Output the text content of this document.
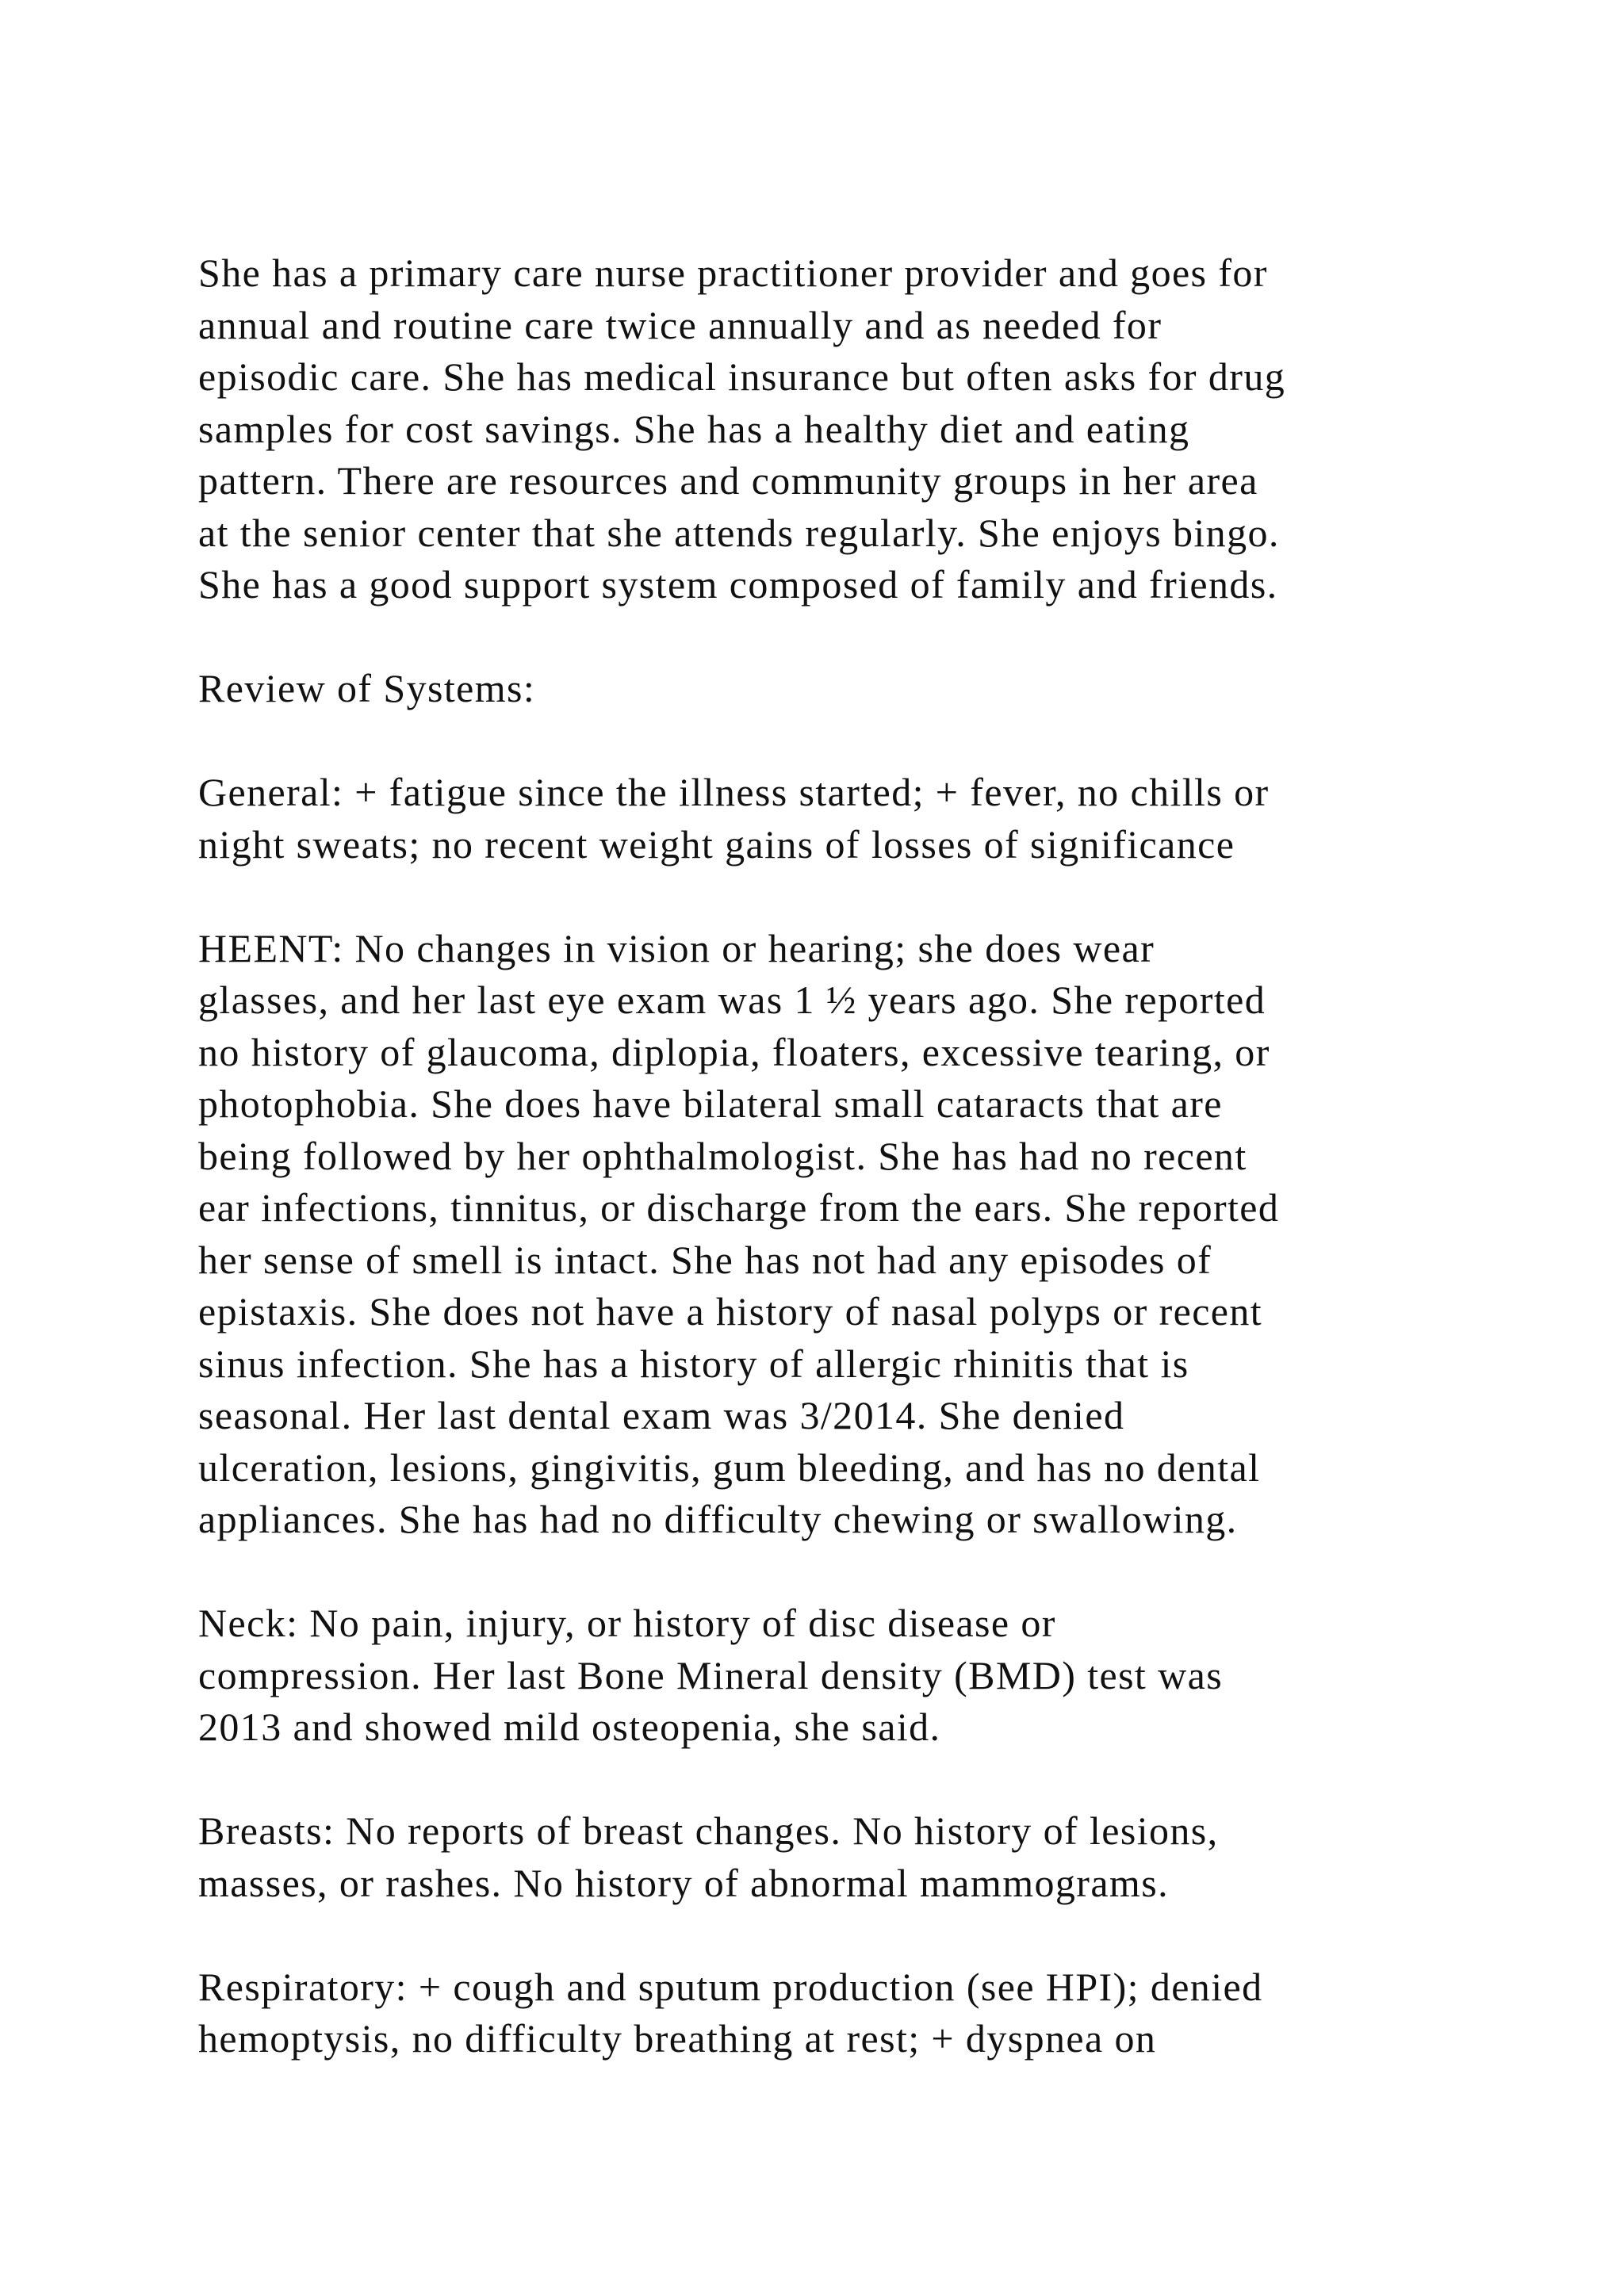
She has a primary care nurse practitioner provider and goes for
annual and routine care twice annually and as needed for
episodic care. She has medical insurance but often asks for drug
samples for cost savings. She has a healthy diet and eating
pattern. There are resources and community groups in her area
at the senior center that she attends regularly. She enjoys bingo.
She has a good support system composed of family and friends.

Review of Systems:

General: + fatigue since the illness started; + fever, no chills or
night sweats; no recent weight gains of losses of significance

HEENT: No changes in vision or hearing; she does wear
glasses, and her last eye exam was 1 ½ years ago. She reported
no history of glaucoma, diplopia, floaters, excessive tearing, or
photophobia. She does have bilateral small cataracts that are
being followed by her ophthalmologist. She has had no recent
ear infections, tinnitus, or discharge from the ears. She reported
her sense of smell is intact. She has not had any episodes of
epistaxis. She does not have a history of nasal polyps or recent
sinus infection. She has a history of allergic rhinitis that is
seasonal. Her last dental exam was 3/2014. She denied
ulceration, lesions, gingivitis, gum bleeding, and has no dental
appliances. She has had no difficulty chewing or swallowing.

Neck: No pain, injury, or history of disc disease or
compression. Her last Bone Mineral density (BMD) test was
2013 and showed mild osteopenia, she said.

Breasts: No reports of breast changes. No history of lesions,
masses, or rashes. No history of abnormal mammograms.

Respiratory: + cough and sputum production (see HPI); denied
hemoptysis, no difficulty breathing at rest; + dyspnea on
